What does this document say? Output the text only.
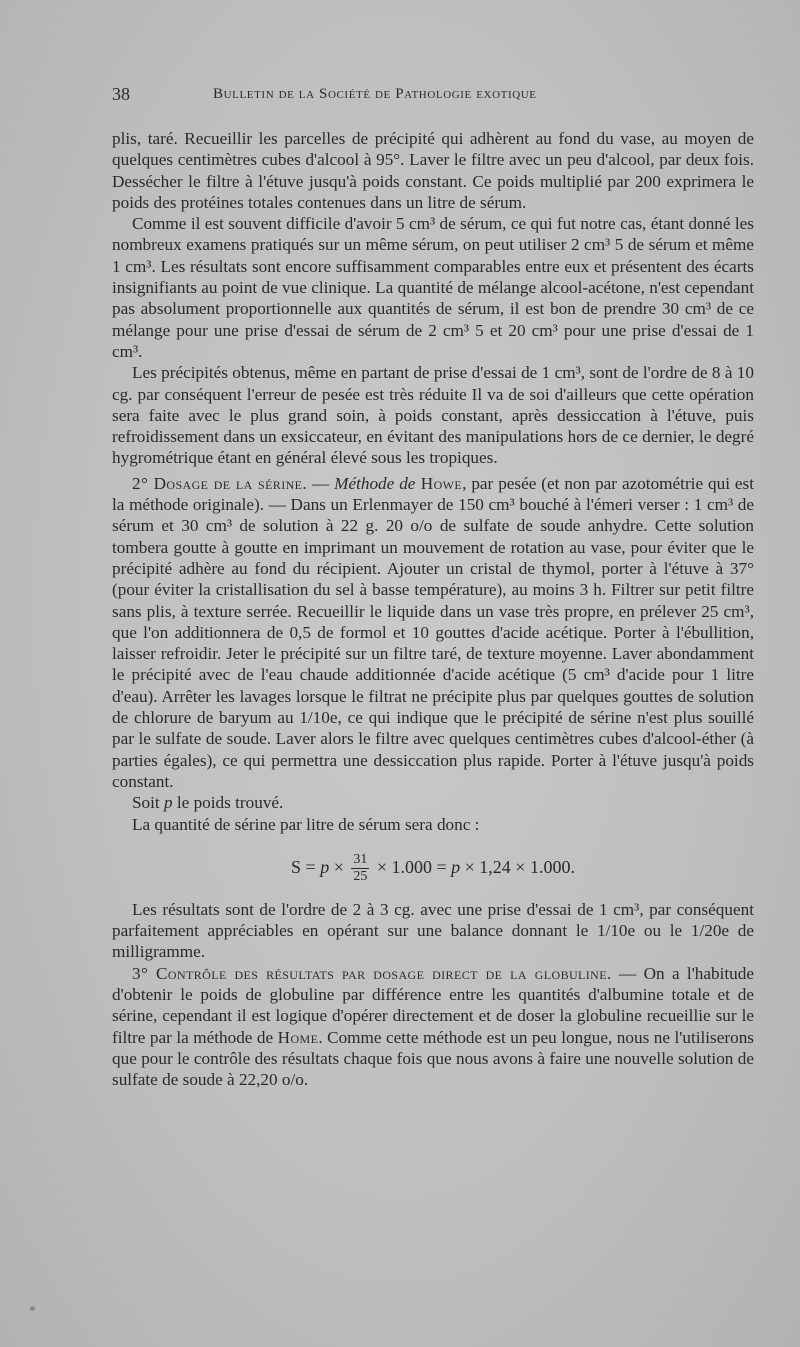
38	Bulletin de la Société de Pathologie exotique

plis, taré. Recueillir les parcelles de précipité qui adhèrent au fond du vase, au moyen de quelques centimètres cubes d'alcool à 95°. Laver le filtre avec un peu d'alcool, par deux fois. Dessécher le filtre à l'étuve jusqu'à poids constant. Ce poids multiplié par 200 exprimera le poids des protéines totales contenues dans un litre de sérum.

Comme il est souvent difficile d'avoir 5 cm³ de sérum, ce qui fut notre cas, étant donné les nombreux examens pratiqués sur un même sérum, on peut utiliser 2 cm³ 5 de sérum et même 1 cm³. Les résultats sont encore suffisamment comparables entre eux et présentent des écarts insignifiants au point de vue clinique. La quantité de mélange alcool-acétone, n'est cependant pas absolument proportionnelle aux quantités de sérum, il est bon de prendre 30 cm³ de ce mélange pour une prise d'essai de sérum de 2 cm³ 5 et 20 cm³ pour une prise d'essai de 1 cm³.

Les précipités obtenus, même en partant de prise d'essai de 1 cm³, sont de l'ordre de 8 à 10 cg. par conséquent l'erreur de pesée est très réduite Il va de soi d'ailleurs que cette opération sera faite avec le plus grand soin, à poids constant, après dessiccation à l'étuve, puis refroidissement dans un exsiccateur, en évitant des manipulations hors de ce dernier, le degré hygrométrique étant en général élevé sous les tropiques.

2° Dosage de la sérine. — Méthode de Howe, par pesée (et non par azotométrie qui est la méthode originale). — Dans un Erlenmayer de 150 cm³ bouché à l'émeri verser : 1 cm³ de sérum et 30 cm³ de solution à 22 g. 20 o/o de sulfate de soude anhydre. Cette solution tombera goutte à goutte en imprimant un mouvement de rotation au vase, pour éviter que le précipité adhère au fond du récipient. Ajouter un cristal de thymol, porter à l'étuve à 37° (pour éviter la cristallisation du sel à basse température), au moins 3 h. Filtrer sur petit filtre sans plis, à texture serrée. Recueillir le liquide dans un vase très propre, en prélever 25 cm³, que l'on additionnera de 0,5 de formol et 10 gouttes d'acide acétique. Porter à l'ébullition, laisser refroidir. Jeter le précipité sur un filtre taré, de texture moyenne. Laver abondamment le précipité avec de l'eau chaude additionnée d'acide acétique (5 cm³ d'acide pour 1 litre d'eau). Arrêter les lavages lorsque le filtrat ne précipite plus par quelques gouttes de solution de chlorure de baryum au 1/10e, ce qui indique que le précipité de sérine n'est plus souillé par le sulfate de soude. Laver alors le filtre avec quelques centimètres cubes d'alcool-éther (à parties égales), ce qui permettra une dessiccation plus rapide. Porter à l'étuve jusqu'à poids constant.

Soit p le poids trouvé.

La quantité de sérine par litre de sérum sera donc :

$S = p \times \frac{31}{25} \times 1.000 = p \times 1,24 \times 1.000$.

Les résultats sont de l'ordre de 2 à 3 cg. avec une prise d'essai de 1 cm³, par conséquent parfaitement appréciables en opérant sur une balance donnant le 1/10e ou le 1/20e de milligramme.

3° Contrôle des résultats par dosage direct de la globuline. — On a l'habitude d'obtenir le poids de globuline par différence entre les quantités d'albumine totale et de sérine, cependant il est logique d'opérer directement et de doser la globuline recueillie sur le filtre par la méthode de Home. Comme cette méthode est un peu longue, nous ne l'utiliserons que pour le contrôle des résultats chaque fois que nous avons à faire une nouvelle solution de sulfate de soude à 22,20 o/o.
